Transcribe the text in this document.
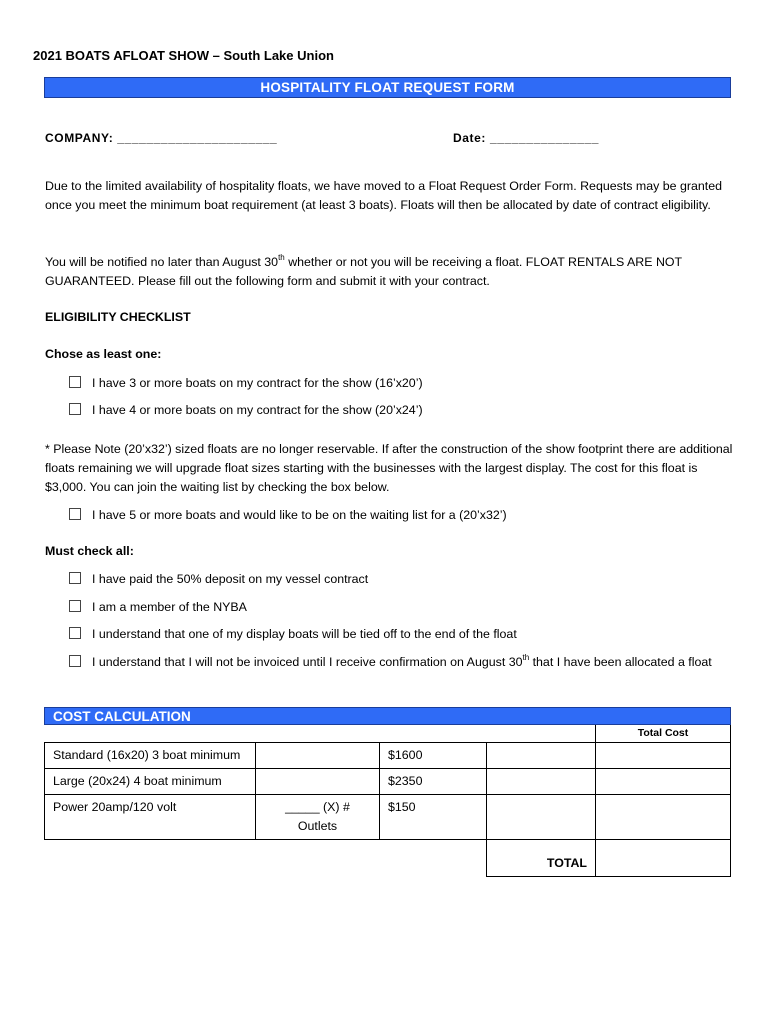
2021 BOATS AFLOAT SHOW – South Lake Union
HOSPITALITY FLOAT REQUEST FORM
COMPANY: ______________________	Date: _______________
Due to the limited availability of hospitality floats, we have moved to a Float Request Order Form. Requests may be granted once you meet the minimum boat requirement (at least 3 boats). Floats will then be allocated by date of contract eligibility.
You will be notified no later than August 30th whether or not you will be receiving a float. FLOAT RENTALS ARE NOT GUARANTEED. Please fill out the following form and submit it with your contract.
ELIGIBILITY CHECKLIST
Chose as least one:
I have 3 or more boats on my contract for the show (16’x20’)
I have 4 or more boats on my contract for the show (20’x24’)
* Please Note (20’x32’) sized floats are no longer reservable. If after the construction of the show footprint there are additional floats remaining we will upgrade float sizes starting with the businesses with the largest display. The cost for this float is $3,000. You can join the waiting list by checking the box below.
I have 5 or more boats and would like to be on the waiting list for a (20’x32’)
Must check all:
I have paid the 50% deposit on my vessel contract
I am a member of the NYBA
I understand that one of my display boats will be tied off to the end of the float
I understand that I will not be invoiced until I receive confirmation on August 30th that I have been allocated a float
COST CALCULATION
Total Cost
Standard (16x20) 3 boat minimum		$1600		
Large (20x24) 4 boat minimum		$2350		
Power 20amp/120 volt	_____ (X) # Outlets	$150		
			TOTAL	
